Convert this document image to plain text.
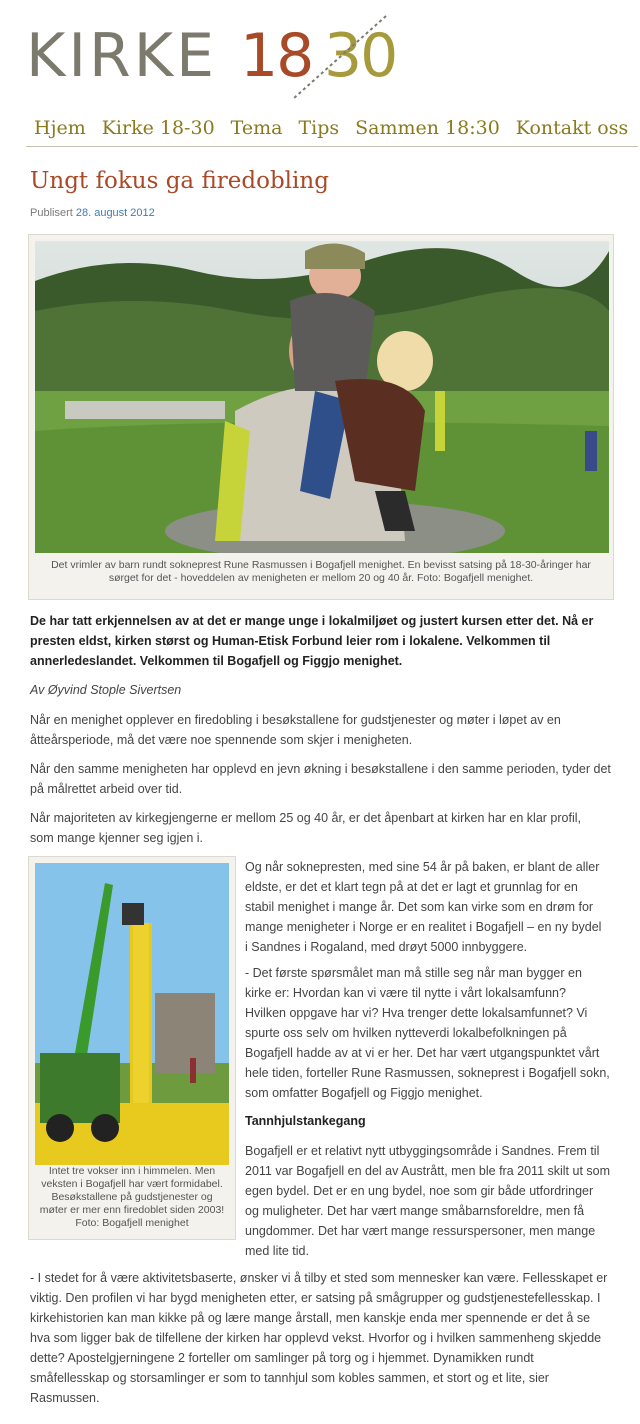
KIRKE 18 30
Hjem Kirke 18-30 Tema Tips Sammen 18:30 Kontakt oss
Ungt fokus ga firedobling
Publisert 28. august 2012
Det vrimler av barn rundt sokneprest Rune Rasmussen i Bogafjell menighet. En bevisst satsing på 18-30-åringer har sørget for det - hoveddelen av menigheten er mellom 20 og 40 år. Foto: Bogafjell menighet.

De har tatt erkjennelsen av at det er mange unge i lokalmiljøet og justert kursen etter det. Nå er presten eldst, kirken størst og Human-Etisk Forbund leier rom i lokalene. Velkommen til annerledeslandet. Velkommen til Bogafjell og Figgjo menighet.

Av Øyvind Stople Sivertsen

Når en menighet opplever en firedobling i besøkstallene for gudstjenester og møter i løpet av en åtteårsperiode, må det være noe spennende som skjer i menigheten.

Når den samme menigheten har opplevd en jevn økning i besøkstallene i den samme perioden, tyder det på målrettet arbeid over tid.

Når majoriteten av kirkegjengerne er mellom 25 og 40 år, er det åpenbart at kirken har en klar profil, som mange kjenner seg igjen i.

Intet tre vokser inn i himmelen. Men veksten i Bogafjell har vært formidabel. Besøkstallene på gudstjenester og møter er mer enn firedoblet siden 2003! Foto: Bogafjell menighet

Og når soknepresten, med sine 54 år på baken, er blant de aller eldste, er det et klart tegn på at det er lagt et grunnlag for en stabil menighet i mange år. Det som kan virke som en drøm for mange menigheter i Norge er en realitet i Bogafjell – en ny bydel i Sandnes i Rogaland, med drøyt 5000 innbyggere.

- Det første spørsmålet man må stille seg når man bygger en kirke er: Hvordan kan vi være til nytte i vårt lokalsamfunn? Hvilken oppgave har vi? Hva trenger dette lokalsamfunnet? Vi spurte oss selv om hvilken nytteverdi lokalbefolkningen på Bogafjell hadde av at vi er her. Det har vært utgangspunktet vårt hele tiden, forteller Rune Rasmussen, sokneprest i Bogafjell sokn, som omfatter Bogafjell og Figgjo menighet.

Tannhjulstankegang

Bogafjell er et relativt nytt utbyggingsområde i Sandnes. Frem til 2011 var Bogafjell en del av Austrått, men ble fra 2011 skilt ut som egen bydel. Det er en ung bydel, noe som gir både utfordringer og muligheter. Det har vært mange småbarnsforeldre, men få ungdommer. Det har vært mange ressurspersoner, men mange med lite tid.

- I stedet for å være aktivitetsbaserte, ønsker vi å tilby et sted som mennesker kan være. Fellesskapet er viktig. Den profilen vi har bygd menigheten etter, er satsing på smågrupper og gudstjenestefellesskap. I kirkehistorien kan man kikke på og lære mange årstall, men kanskje enda mer spennende er det å se hva som ligger bak de tilfellene der kirken har opplevd vekst. Hvorfor og i hvilken sammenheng skjedde dette? Apostelgjerningene 2 forteller om samlinger på torg og i hjemmet. Dynamikken rundt småfellesskap og storsamlinger er som to tannhjul som kobles sammen, et stort og et lite, sier Rasmussen.
